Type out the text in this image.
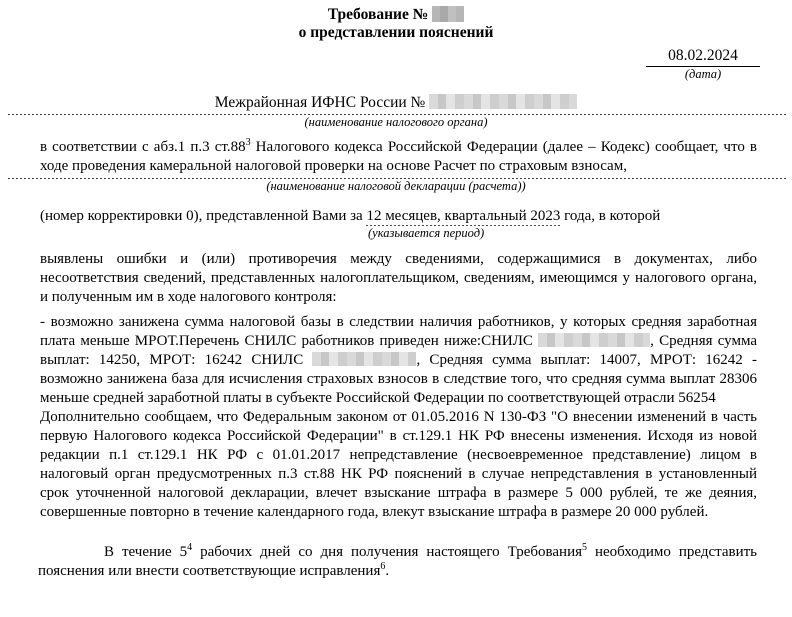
Требование №
о представлении пояснений
08.02.2024
(дата)
Межрайонная ИФНС России №
(наименование налогового органа)

в соответствии с абз.1 п.3 $ст.88^3$ Налогового кодекса Российской Федерации (далее – Кодекс) сообщает, что в ходе проведения камеральной налоговой проверки на основе Расчет по страховым взносам,

(наименование налоговой декларации (расчета))

(номер корректировки 0), представленной Вами за 12 месяцев, квартальный 2023 года, в которой

(указывается период)

выявлены ошибки и (или) противоречия между сведениями, содержащимися в документах, либо несоответствия сведений, представленных налогоплательщиком, сведениям, имеющимся у налогового органа, и полученным им в ходе налогового контроля:

- возможно занижена сумма налоговой базы в следствии наличия работников, у которых средняя заработная плата меньше МРОТ.Перечень СНИЛС работников приведен ниже:СНИЛС	, Средняя сумма выплат: 14250, МРОТ: 16242 СНИЛС	, Средняя сумма выплат: 14007, МРОТ: 16242 - возможно занижена база для исчисления страховых взносов в следствие того, что средняя сумма выплат 28306 меньше средней заработной платы в субъекте Российской Федерации по соответствующей отрасли 56254

Дополнительно сообщаем, что Федеральным законом от 01.05.2016 N 130-ФЗ "О внесении изменений в часть первую Налогового кодекса Российской Федерации" в ст.129.1 НК РФ внесены изменения. Исходя из новой редакции п.1 ст.129.1 НК РФ с 01.01.2017 непредставление (несвоевременное представление) лицом в налоговый орган предусмотренных п.3 ст.88 НК РФ пояснений в случае непредставления в установленный срок уточненной налоговой декларации, влечет взыскание штрафа в размере 5 000 рублей, те же деяния, совершенные повторно в течение календарного года, влекут взыскание штрафа в размере 20 000 рублей.

В течение $5^4$ рабочих дней со дня получения настоящего Требования$^5$ необходимо представить пояснения или внести соответствующие исправления$^6$.
